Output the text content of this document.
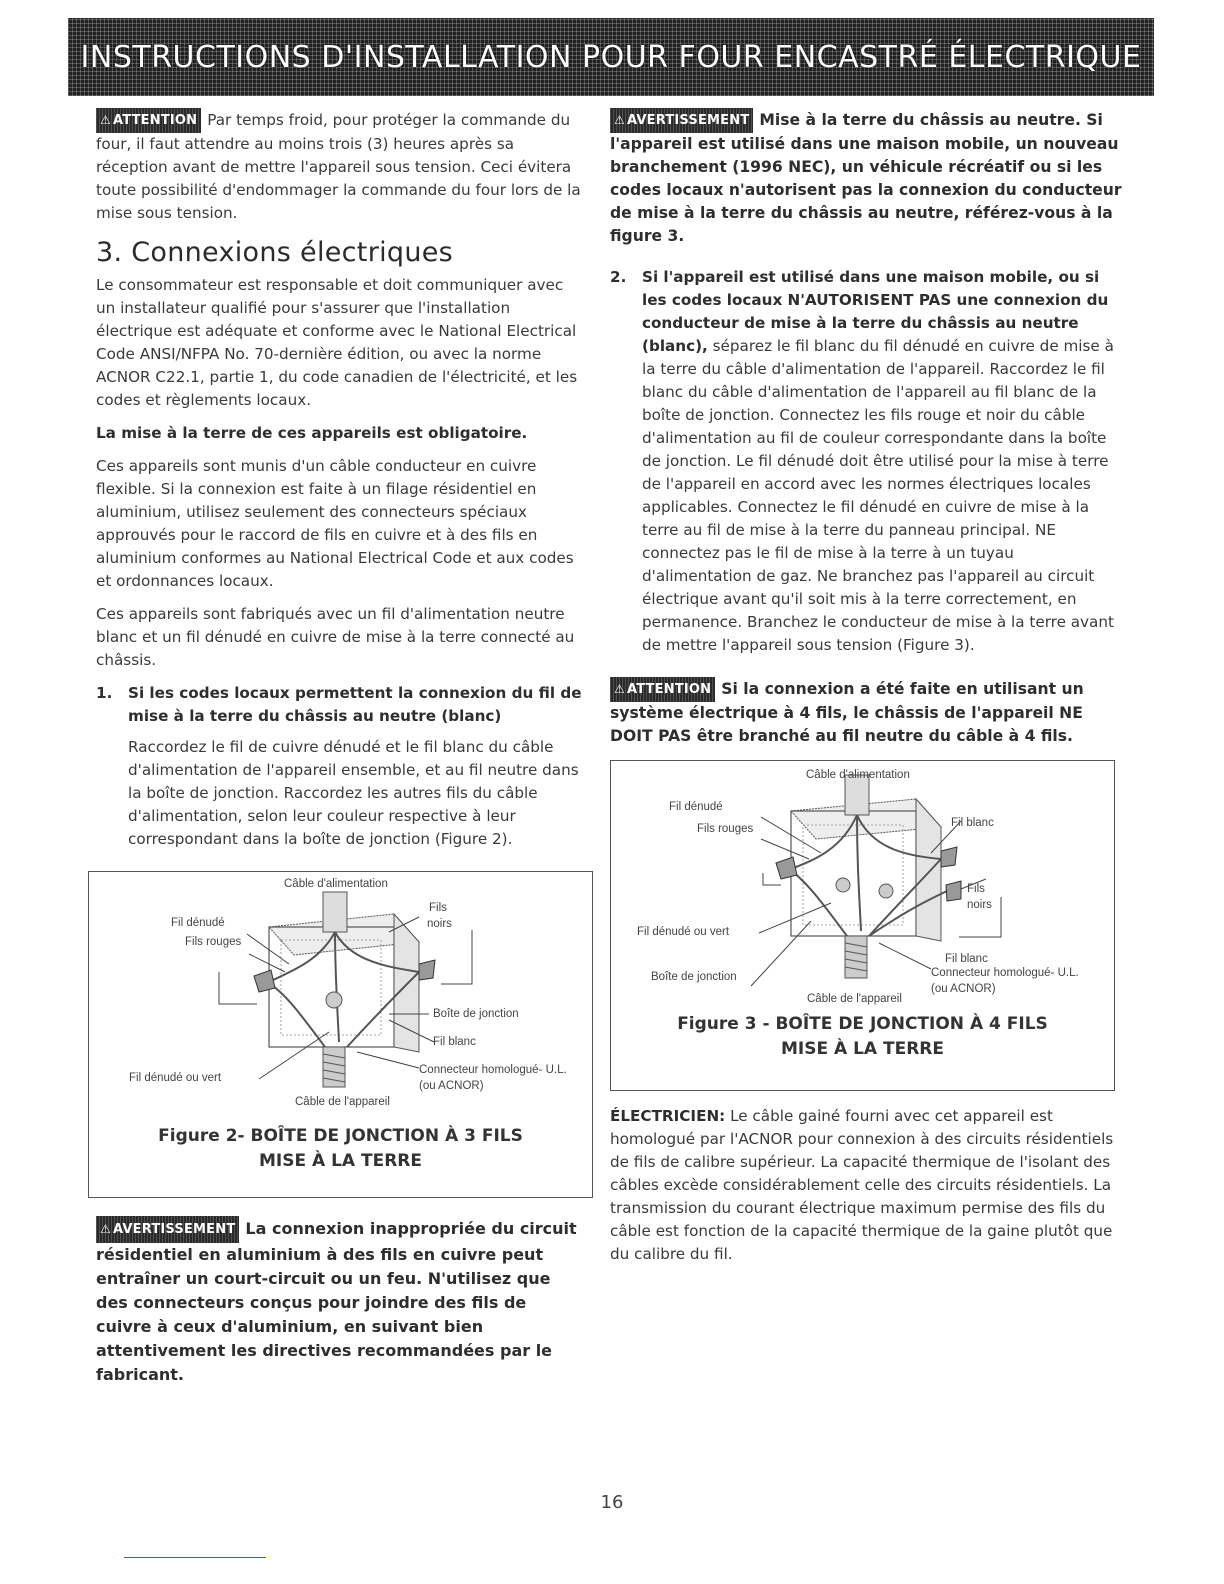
INSTRUCTIONS D'INSTALLATION POUR FOUR ENCASTRÉ ÉLECTRIQUE

⚠ ATTENTION Par temps froid, pour protéger la commande du four, il faut attendre au moins trois (3) heures après sa réception avant de mettre l'appareil sous tension. Ceci évitera toute possibilité d'endommager la commande du four lors de la mise sous tension.

3. Connexions électriques

Le consommateur est responsable et doit communiquer avec un installateur qualifié pour s'assurer que l'installation électrique est adéquate et conforme avec le National Electrical Code ANSI/NFPA No. 70-dernière édition, ou avec la norme ACNOR C22.1, partie 1, du code canadien de l'électricité, et les codes et règlements locaux.

La mise à la terre de ces appareils est obligatoire.

Ces appareils sont munis d'un câble conducteur en cuivre flexible. Si la connexion est faite à un filage résidentiel en aluminium, utilisez seulement des connecteurs spéciaux approuvés pour le raccord de fils en cuivre et à des fils en aluminium conformes au National Electrical Code et aux codes et ordonnances locaux.

Ces appareils sont fabriqués avec un fil d'alimentation neutre blanc et un fil dénudé en cuivre de mise à la terre connecté au châssis.

1.	Si les codes locaux permettent la connexion du fil de mise à la terre du châssis au neutre (blanc)

Raccordez le fil de cuivre dénudé et le fil blanc du câble d'alimentation de l'appareil ensemble, et au fil neutre dans la boîte de jonction. Raccordez les autres fils du câble d'alimentation, selon leur couleur respective à leur correspondant dans la boîte de jonction (Figure 2).

Câble d'alimentation
Fil dénudé
Fils rouges
Fils
noirs
Boîte de jonction
Fil blanc
Connecteur homologué- U.L.
(ou ACNOR)
Fil dénudé ou vert
Câble de l'appareil
Figure 2- BOÎTE DE JONCTION À 3 FILS
MISE À LA TERRE

⚠ AVERTISSEMENT La connexion inappropriée du circuit résidentiel en aluminium à des fils en cuivre peut entraîner un court-circuit ou un feu. N'utilisez que des connecteurs conçus pour joindre des fils de cuivre à ceux d'aluminium, en suivant bien attentivement les directives recommandées par le fabricant.

⚠ AVERTISSEMENT Mise à la terre du châssis au neutre. Si l'appareil est utilisé dans une maison mobile, un nouveau branchement (1996 NEC), un véhicule récréatif ou si les codes locaux n'autorisent pas la connexion du conducteur de mise à la terre du châssis au neutre, référez-vous à la figure 3.

2.	Si l'appareil est utilisé dans une maison mobile, ou si les codes locaux N'AUTORISENT PAS une connexion du conducteur de mise à la terre du châssis au neutre (blanc), séparez le fil blanc du fil dénudé en cuivre de mise à la terre du câble d'alimentation de l'appareil. Raccordez le fil blanc du câble d'alimentation de l'appareil au fil blanc de la boîte de jonction. Connectez les fils rouge et noir du câble d'alimentation au fil de couleur correspondante dans la boîte de jonction. Le fil dénudé doit être utilisé pour la mise à terre de l'appareil en accord avec les normes électriques locales applicables. Connectez le fil dénudé en cuivre de mise à la terre au fil de mise à la terre du panneau principal. NE connectez pas le fil de mise à la terre à un tuyau d'alimentation de gaz. Ne branchez pas l'appareil au circuit électrique avant qu'il soit mis à la terre correctement, en permanence. Branchez le conducteur de mise à la terre avant de mettre l'appareil sous tension (Figure 3).

⚠ ATTENTION Si la connexion a été faite en utilisant un système électrique à 4 fils, le châssis de l'appareil NE DOIT PAS être branché au fil neutre du câble à 4 fils.

Câble d'alimentation
Fil dénudé
Fils rouges	Fil blanc
Fils
noirs
Fil dénudé ou vert
Fil blanc
Boîte de jonction	Connecteur homologué- U.L.
(ou ACNOR)
Câble de l'appareil
Figure 3 - BOÎTE DE JONCTION À 4 FILS
MISE À LA TERRE

ÉLECTRICIEN: Le câble gainé fourni avec cet appareil est homologué par l'ACNOR pour connexion à des circuits résidentiels de fils de calibre supérieur. La capacité thermique de l'isolant des câbles excède considérablement celle des circuits résidentiels. La transmission du courant électrique maximum permise des fils du câble est fonction de la capacité thermique de la gaine plutôt que du calibre du fil.

16
